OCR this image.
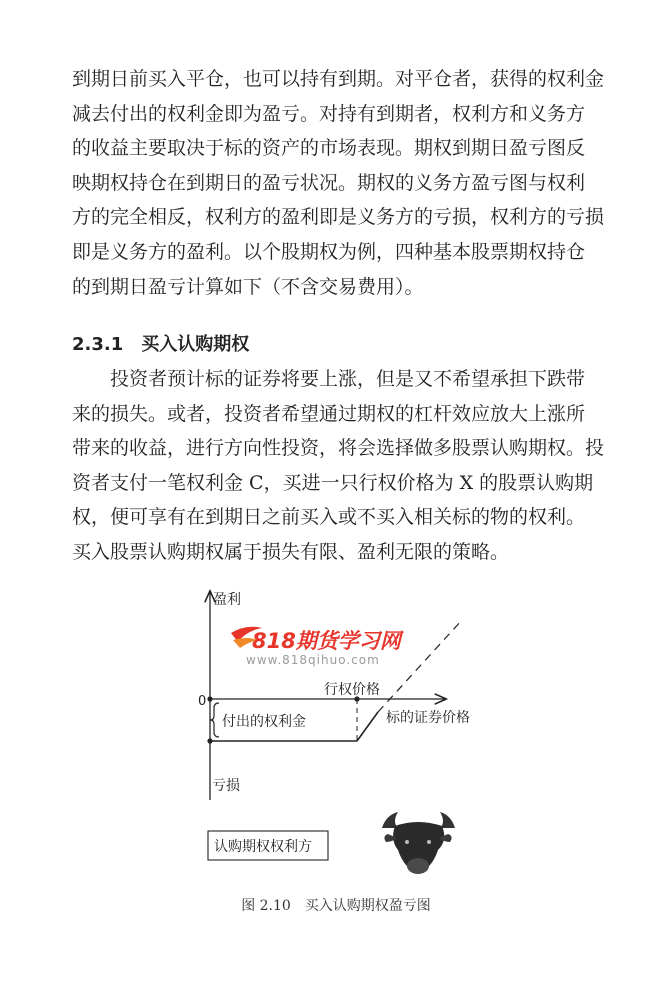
到期日前买入平仓，也可以持有到期。对平仓者，获得的权利金
减去付出的权利金即为盈亏。对持有到期者，权利方和义务方
的收益主要取决于标的资产的市场表现。期权到期日盈亏图反
映期权持仓在到期日的盈亏状况。期权的义务方盈亏图与权利
方的完全相反，权利方的盈利即是义务方的亏损，权利方的亏损
即是义务方的盈利。以个股期权为例，四种基本股票期权持仓
的到期日盈亏计算如下（不含交易费用）。
2.3.1　买入认购期权
　　投资者预计标的证券将要上涨，但是又不希望承担下跌带
来的损失。或者，投资者希望通过期权的杠杆效应放大上涨所
带来的收益，进行方向性投资，将会选择做多股票认购期权。投
资者支付一笔权利金 C，买进一只行权价格为 X 的股票认购期
权，便可享有在到期日之前买入或不买入相关标的物的权利。
买入股票认购期权属于损失有限、盈利无限的策略。
盈利
0
行权价格
标的证券价格
付出的权利金
亏损
认购期权权利方
818期货学习网
www.818qihuo.com
图 2.10　买入认购期权盈亏图
